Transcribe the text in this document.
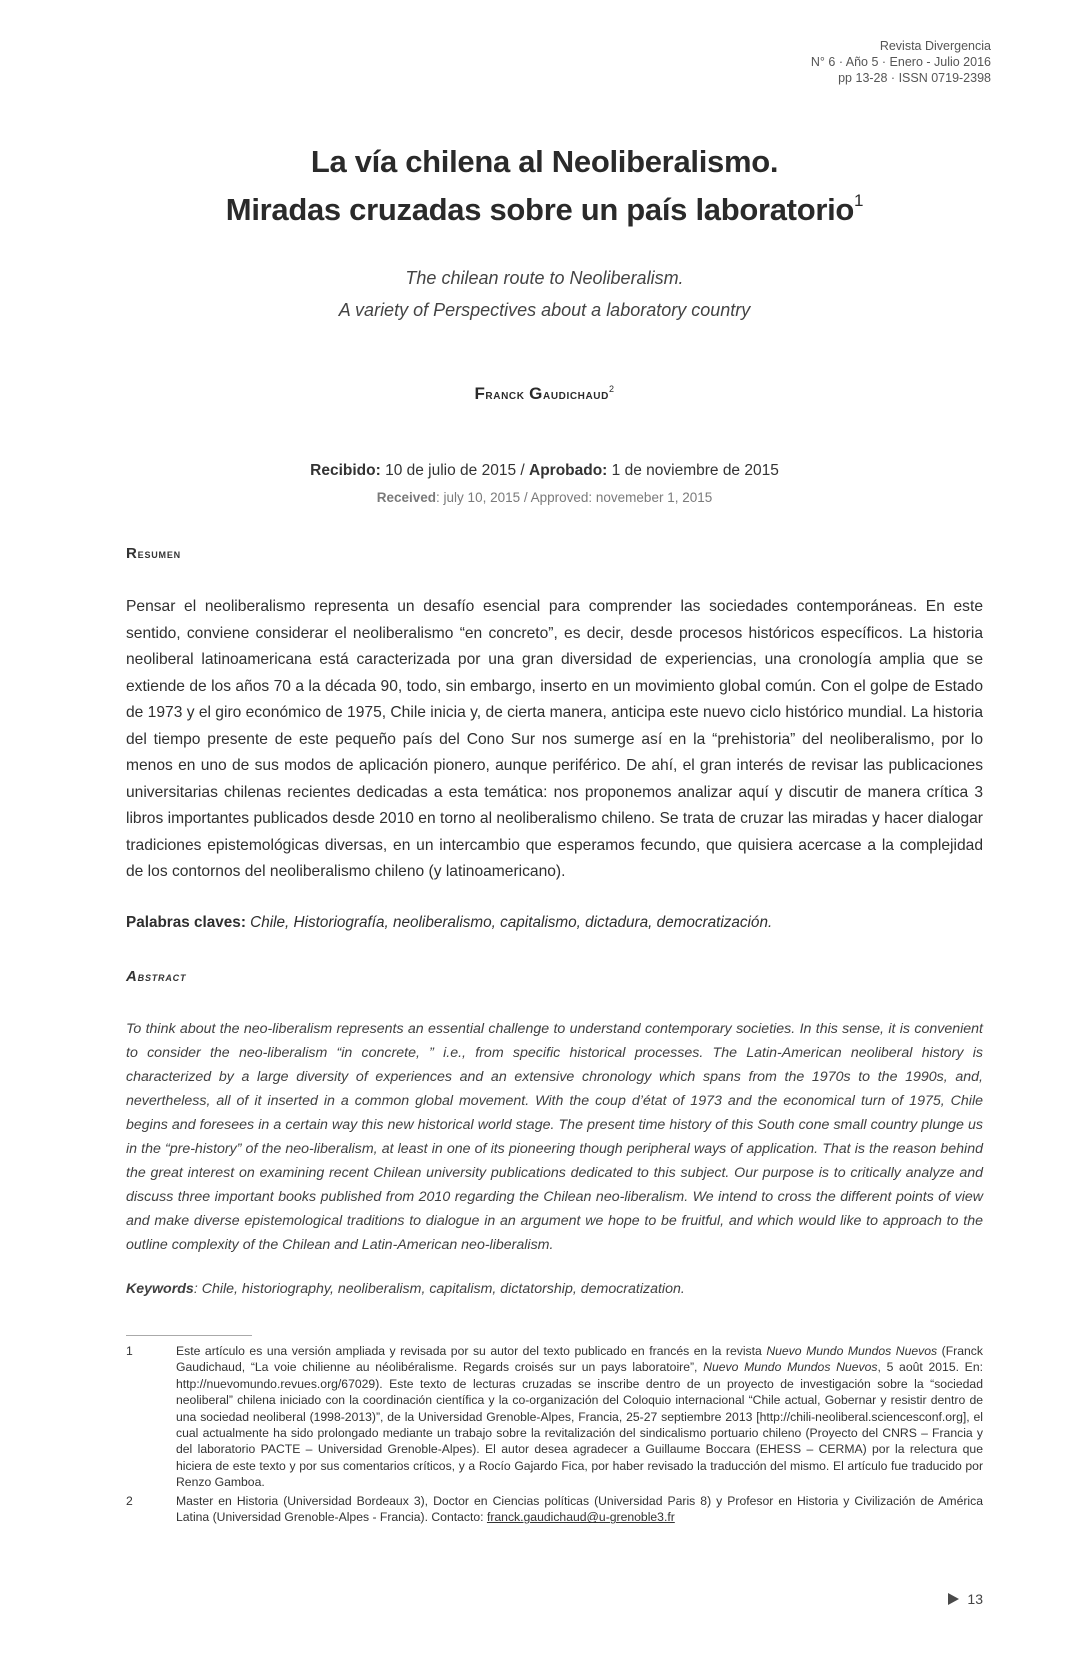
Revista Divergencia
N° 6 · Año 5 · Enero - Julio 2016
pp 13-28 · ISSN 0719-2398
La vía chilena al Neoliberalismo.
Miradas cruzadas sobre un país laboratorio$^1$
The chilean route to Neoliberalism.
A variety of Perspectives about a laboratory country
Franck Gaudichaud$^2$
Recibido: 10 de julio de 2015 / Aprobado: 1 de noviembre de 2015
Received: july 10, 2015 / Approved: novemeber 1, 2015
Resumen
Pensar el neoliberalismo representa un desafío esencial para comprender las sociedades contemporáneas. En este sentido, conviene considerar el neoliberalismo “en concreto”, es decir, desde procesos históricos específicos. La historia neoliberal latinoamericana está caracterizada por una gran diversidad de experiencias, una cronología amplia que se extiende de los años 70 a la década 90, todo, sin embargo, inserto en un movimiento global común. Con el golpe de Estado de 1973 y el giro económico de 1975, Chile inicia y, de cierta manera, anticipa este nuevo ciclo histórico mundial. La historia del tiempo presente de este pequeño país del Cono Sur nos sumerge así en la “prehistoria” del neoliberalismo, por lo menos en uno de sus modos de aplicación pionero, aunque periférico. De ahí, el gran interés de revisar las publicaciones universitarias chilenas recientes dedicadas a esta temática: nos proponemos analizar aquí y discutir de manera crítica 3 libros importantes publicados desde 2010 en torno al neoliberalismo chileno. Se trata de cruzar las miradas y hacer dialogar tradiciones epistemológicas diversas, en un intercambio que esperamos fecundo, que quisiera acercase a la complejidad de los contornos del neoliberalismo chileno (y latinoamericano).
Palabras claves: Chile, Historiografía, neoliberalismo, capitalismo, dictadura, democratización.
Abstract
To think about the neo-liberalism represents an essential challenge to understand contemporary societies. In this sense, it is convenient to consider the neo-liberalism “in concrete, ” i.e., from specific historical processes. The Latin-American neoliberal history is characterized by a large diversity of experiences and an extensive chronology which spans from the 1970s to the 1990s, and, nevertheless, all of it inserted in a common global movement. With the coup d’état of 1973 and the economical turn of 1975, Chile begins and foresees in a certain way this new historical world stage. The present time history of this South cone small country plunge us in the “pre-history” of the neo-liberalism, at least in one of its pioneering though peripheral ways of application. That is the reason behind the great interest on examining recent Chilean university publications dedicated to this subject. Our purpose is to critically analyze and discuss three important books published from 2010 regarding the Chilean neo-liberalism. We intend to cross the different points of view and make diverse epistemological traditions to dialogue in an argument we hope to be fruitful, and which would like to approach to the outline complexity of the Chilean and Latin-American neo-liberalism.
Keywords: Chile, historiography, neoliberalism, capitalism, dictatorship, democratization.
1	Este artículo es una versión ampliada y revisada por su autor del texto publicado en francés en la revista Nuevo Mundo Mundos Nuevos (Franck Gaudichaud, “La voie chilienne au néolibéralisme. Regards croisés sur un pays laboratoire”, Nuevo Mundo Mundos Nuevos, 5 août 2015. En: http://nuevomundo.revues.org/67029). Este texto de lecturas cruzadas se inscribe dentro de un proyecto de investigación sobre la “sociedad neoliberal” chilena iniciado con la coordinación científica y la co-organización del Coloquio internacional “Chile actual, Gobernar y resistir dentro de una sociedad neoliberal (1998-2013)”, de la Universidad Grenoble-Alpes, Francia, 25-27 septiembre 2013 [http://chili-neoliberal.sciencesconf.org], el cual actualmente ha sido prolongado mediante un trabajo sobre la revitalización del sindicalismo portuario chileno (Proyecto del CNRS – Francia y del laboratorio PACTE – Universidad Grenoble-Alpes). El autor desea agradecer a Guillaume Boccara (EHESS – CERMA) por la relectura que hiciera de este texto y por sus comentarios críticos, y a Rocío Gajardo Fica, por haber revisado la traducción del mismo. El artículo fue traducido por Renzo Gamboa.
2	Master en Historia (Universidad Bordeaux 3), Doctor en Ciencias políticas (Universidad Paris 8) y Profesor en Historia y Civilización de América Latina (Universidad Grenoble-Alpes - Francia). Contacto: franck.gaudichaud@u-grenoble3.fr
13
